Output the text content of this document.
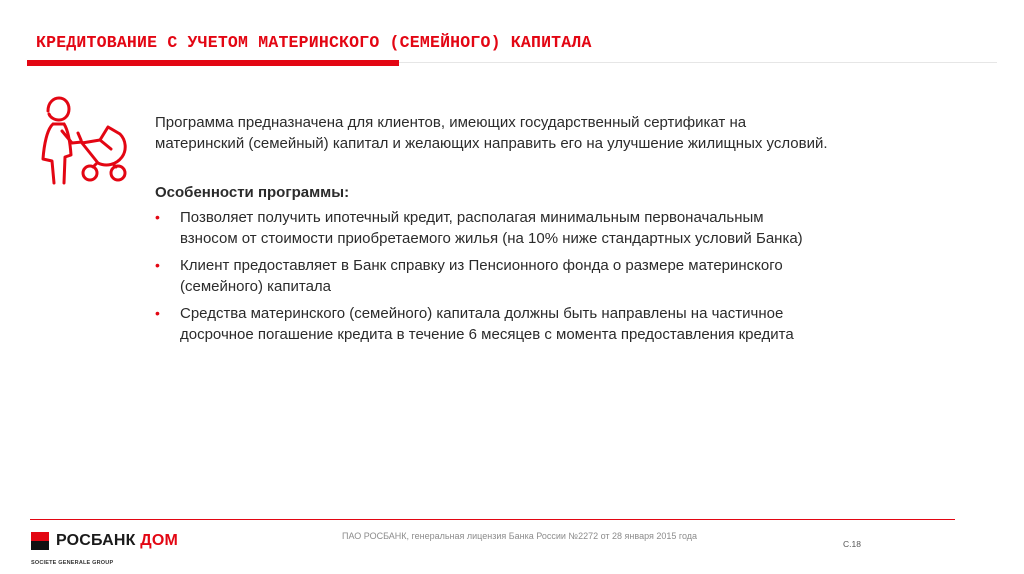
КРЕДИТОВАНИЕ С УЧЕТОМ МАТЕРИНСКОГО (СЕМЕЙНОГО) КАПИТАЛА

Программа предназначена для клиентов, имеющих государственный сертификат на
материнский (семейный) капитал и желающих направить его на улучшение жилищных условий.

Особенности программы:
• Позволяет получить ипотечный кредит, располагая минимальным первоначальным
взносом от стоимости приобретаемого жилья (на 10% ниже стандартных условий Банка)
• Клиент предоставляет в Банк справку из Пенсионного фонда о размере материнского
(семейного) капитала
• Средства материнского (семейного) капитала должны быть направлены на частичное
досрочное погашение кредита в течение 6 месяцев с момента предоставления кредита
РОСБАНК ДОМ
SOCIETE GENERALE GROUP
ПАО РОСБАНК, генеральная лицензия Банка России №2272 от 28 января 2015 года
С.18
